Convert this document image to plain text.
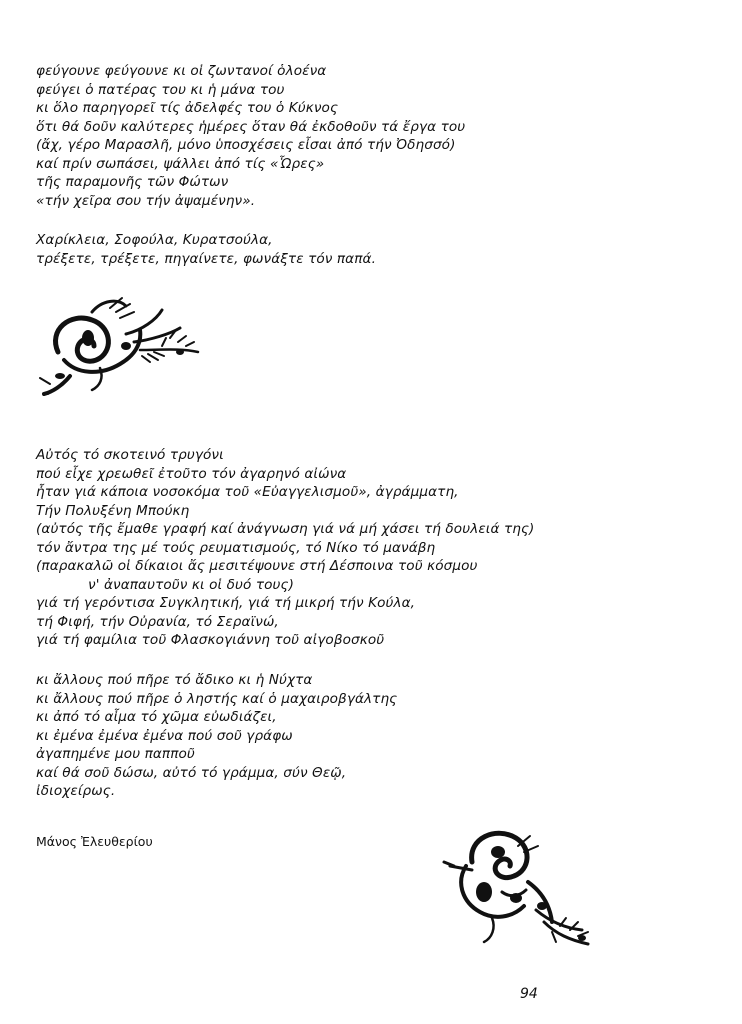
φεύγουνε φεύγουνε κι οἱ ζωντανοί ὁλοένα
φεύγει ὁ πατέρας του κι ἡ μάνα του
κι ὅλο παρηγορεῖ τίς ἀδελφές του ὁ Κύκνος
ὅτι θά δοῦν καλύτερες ἡμέρες ὅταν θά ἐκδοθοῦν τά ἔργα του
(ἄχ, γέρο Μαρασλῆ, μόνο ὑποσχέσεις εἶσαι ἀπό τήν Ὀδησσό)
καί πρίν σωπάσει, ψάλλει ἀπό τίς «Ὧρες»
τῆς παραμονῆς τῶν Φώτων
«τήν χεῖρα σου τήν ἀψαμένην».
Χαρίκλεια, Σοφούλα, Κυρατσούλα,
τρέξετε, τρέξετε, πηγαίνετε, φωνάξτε τόν παπά.
Αὐτός τό σκοτεινό τρυγόνι
πού εἶχε χρεωθεῖ ἐτοῦτο τόν ἀγαρηνό αἰώνα
ἦταν γιά κάποια νοσοκόμα τοῦ «Εὐαγγελισμοῦ», ἀγράμματη,
Τήν Πολυξένη Μπούκη
(αὐτός τῆς ἔμαθε γραφή καί ἀνάγνωση γιά νά μή χάσει τή δουλειά της)
τόν ἄντρα της μέ τούς ρευματισμούς, τό Νίκο τό μανάβη
(παρακαλῶ οἱ δίκαιοι ἄς μεσιτέψουνε στή Δέσποινα τοῦ κόσμου
ν' ἀναπαυτοῦν κι οἱ δυό τους)
γιά τή γερόντισα Συγκλητική, γιά τή μικρή τήν Κούλα,
τή Φιφή, τήν Οὐρανία, τό Σεραϊνώ,
γιά τή φαμίλια τοῦ Φλασκογιάννη τοῦ αἰγοβοσκοῦ
κι ἄλλους πού πῆρε τό ἄδικο κι ἡ Νύχτα
κι ἄλλους πού πῆρε ὁ ληστής καί ὁ μαχαιροβγάλτης
κι ἀπό τό αἷμα τό χῶμα εὐωδιάζει,
κι ἐμένα ἐμένα ἐμένα πού σοῦ γράφω
ἀγαπημένε μου παπποῦ
καί θά σοῦ δώσω, αὐτό τό γράμμα, σύν Θεῷ,
ἰδιοχείρως.
Μάνος Ἐλευθερίου
94
